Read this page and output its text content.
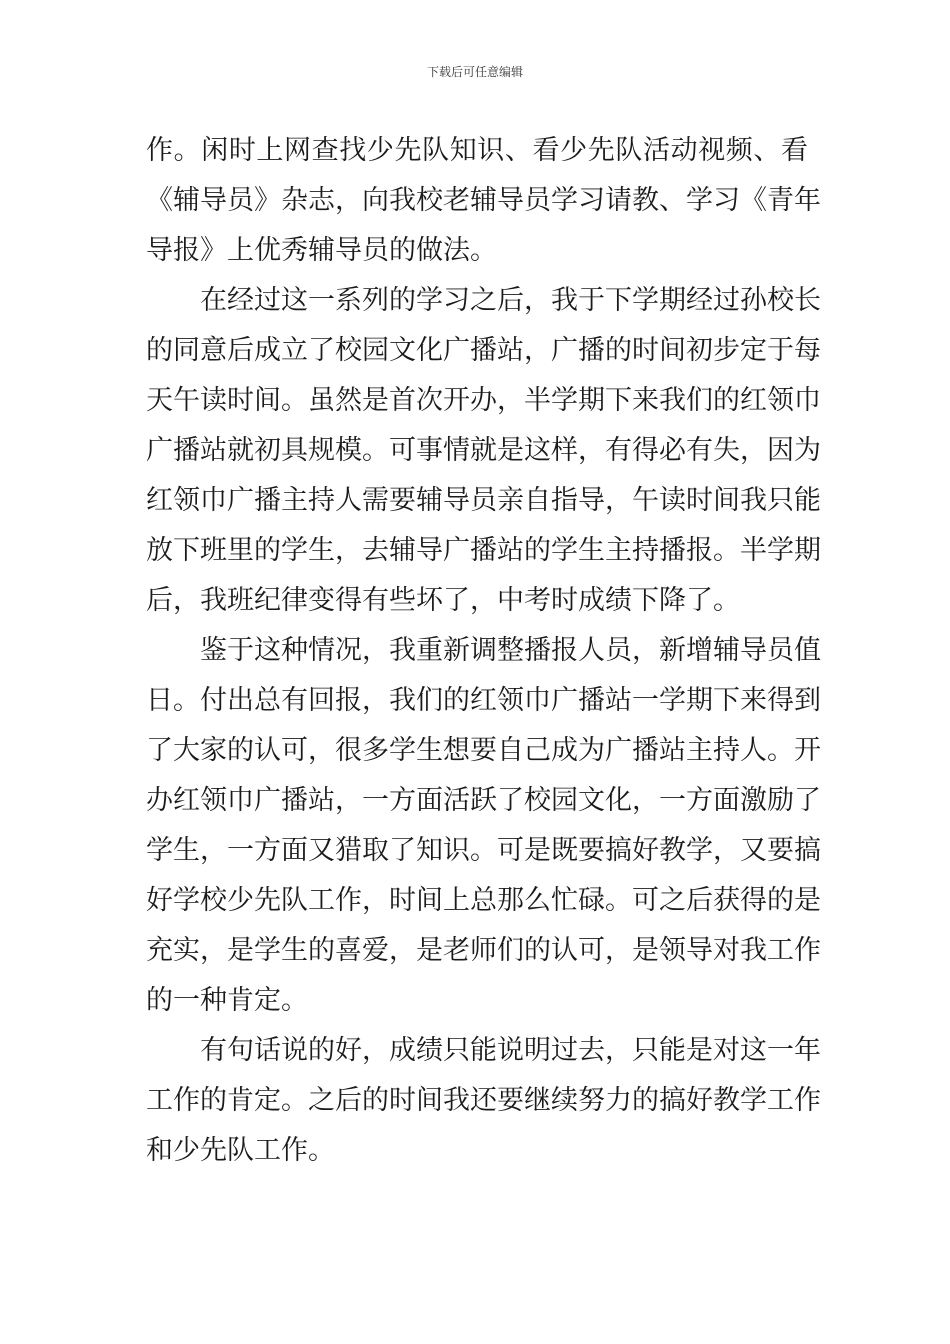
下载后可任意编辑
作。闲时上网查找少先队知识、看少先队活动视频、看
《辅导员》杂志，向我校老辅导员学习请教、学习《青年
导报》上优秀辅导员的做法。
在经过这一系列的学习之后，我于下学期经过孙校长
的同意后成立了校园文化广播站，广播的时间初步定于每
天午读时间。虽然是首次开办，半学期下来我们的红领巾
广播站就初具规模。可事情就是这样，有得必有失，因为
红领巾广播主持人需要辅导员亲自指导，午读时间我只能
放下班里的学生，去辅导广播站的学生主持播报。半学期
后，我班纪律变得有些坏了，中考时成绩下降了。
鉴于这种情况，我重新调整播报人员，新增辅导员值
日。付出总有回报，我们的红领巾广播站一学期下来得到
了大家的认可，很多学生想要自己成为广播站主持人。开
办红领巾广播站，一方面活跃了校园文化，一方面激励了
学生，一方面又猎取了知识。可是既要搞好教学，又要搞
好学校少先队工作，时间上总那么忙碌。可之后获得的是
充实，是学生的喜爱，是老师们的认可，是领导对我工作
的一种肯定。
有句话说的好，成绩只能说明过去，只能是对这一年
工作的肯定。之后的时间我还要继续努力的搞好教学工作
和少先队工作。
